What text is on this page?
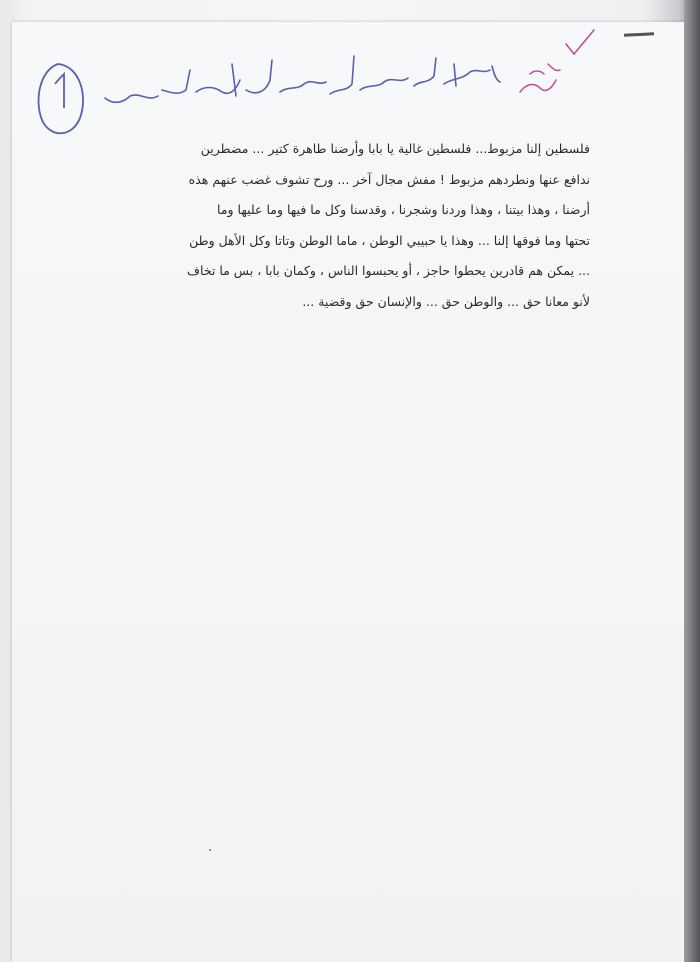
فلسطين إلنا مزبوط... فلسطين غالية يا بابا وأرضنا طاهرة كتير ... مضطرين
ندافع عنها ونطردهم مزبوط ! مفش مجال آخر ... ورح تشوف غضب عنهم هذه
أرضنا ، وهذا بيتنا ، وهذا وردنا وشجرنا ، وقدسنا وكل ما فيها وما عليها وما
تحتها وما فوقها إلنا ... وهذا يا حبيبي الوطن ، ماما الوطن وتاتا وكل الأهل وطن
... يمكن هم قادرين يحطوا حاجز ، أو يحبسوا الناس ، وكمان بابا ، بس ما تخاف
لأنو معانا حق ... والوطن حق ... والإنسان حق وقضية ...
